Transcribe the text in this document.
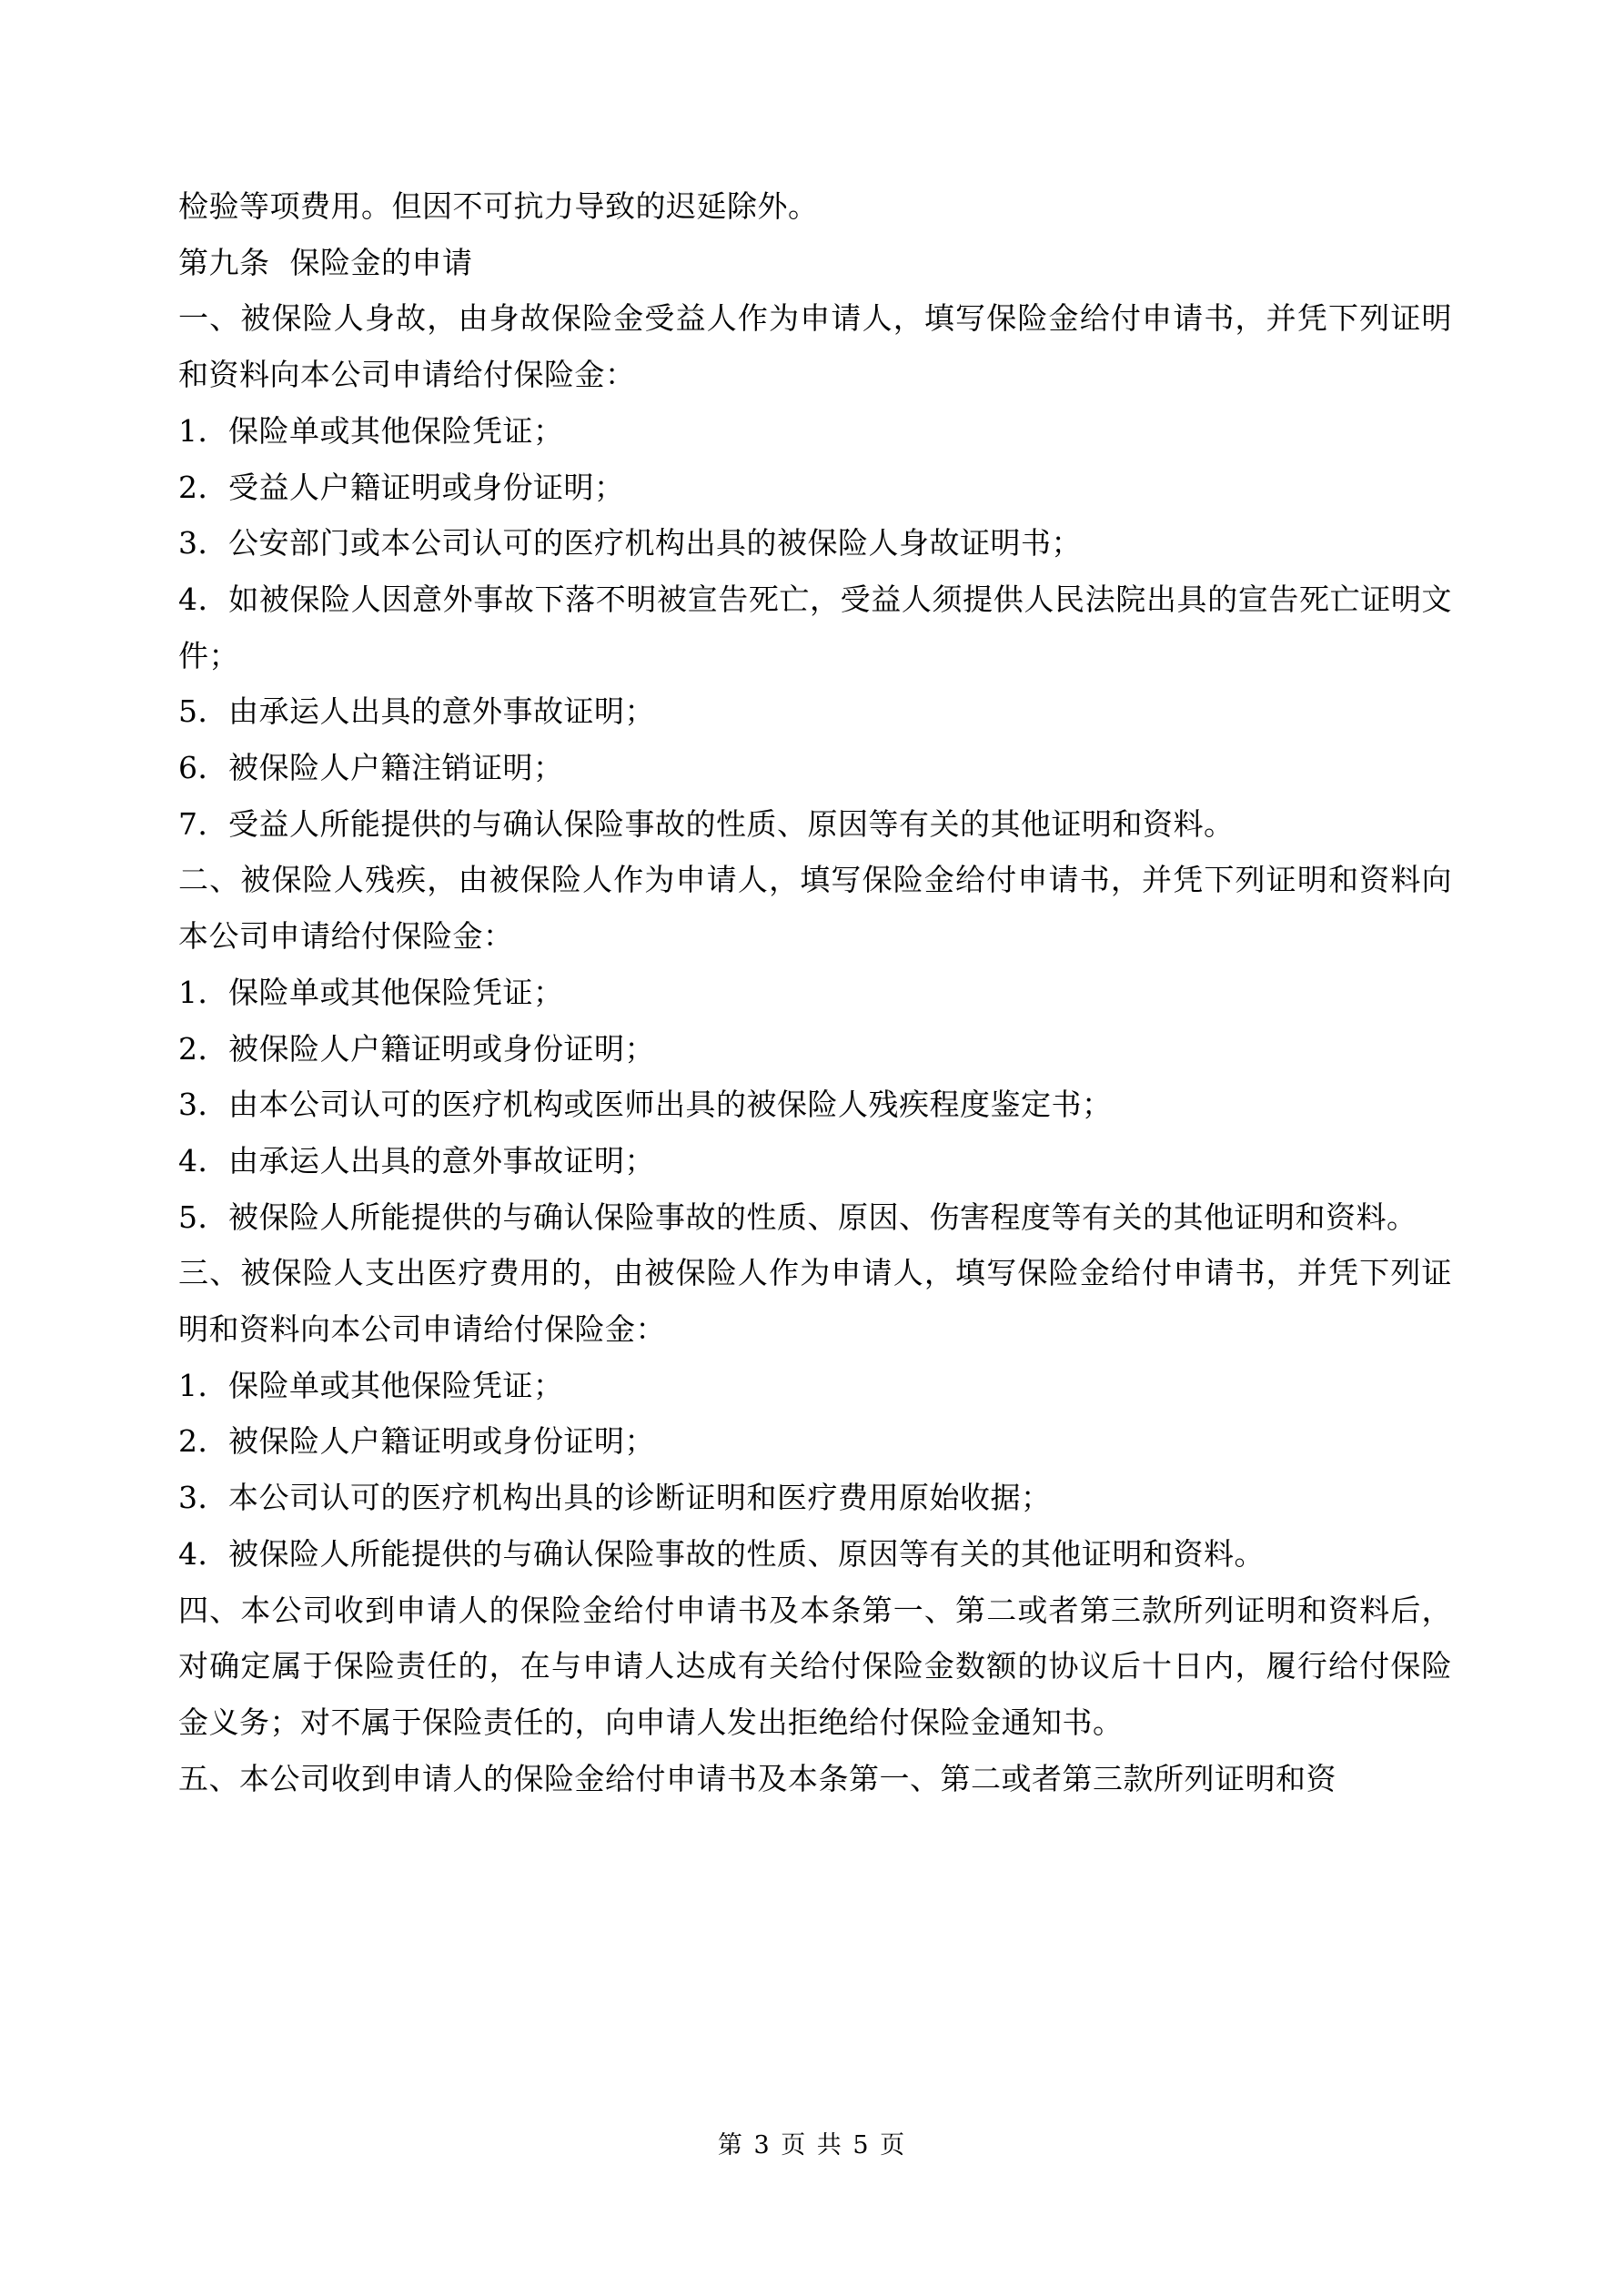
检验等项费用。但因不可抗力导致的迟延除外。

第九条  保险金的申请

一、被保险人身故，由身故保险金受益人作为申请人，填写保险金给付申请书，并凭下列证明和资料向本公司申请给付保险金：

1．保险单或其他保险凭证；

2．受益人户籍证明或身份证明；

3．公安部门或本公司认可的医疗机构出具的被保险人身故证明书；

4．如被保险人因意外事故下落不明被宣告死亡，受益人须提供人民法院出具的宣告死亡证明文件；

5．由承运人出具的意外事故证明；

6．被保险人户籍注销证明；

7．受益人所能提供的与确认保险事故的性质、原因等有关的其他证明和资料。

二、被保险人残疾，由被保险人作为申请人，填写保险金给付申请书，并凭下列证明和资料向本公司申请给付保险金：

1．保险单或其他保险凭证；

2．被保险人户籍证明或身份证明；

3．由本公司认可的医疗机构或医师出具的被保险人残疾程度鉴定书；

4．由承运人出具的意外事故证明；

5．被保险人所能提供的与确认保险事故的性质、原因、伤害程度等有关的其他证明和资料。

三、被保险人支出医疗费用的，由被保险人作为申请人，填写保险金给付申请书，并凭下列证明和资料向本公司申请给付保险金：

1．保险单或其他保险凭证；

2．被保险人户籍证明或身份证明；

3．本公司认可的医疗机构出具的诊断证明和医疗费用原始收据；

4．被保险人所能提供的与确认保险事故的性质、原因等有关的其他证明和资料。

四、本公司收到申请人的保险金给付申请书及本条第一、第二或者第三款所列证明和资料后，对确定属于保险责任的，在与申请人达成有关给付保险金数额的协议后十日内，履行给付保险金义务；对不属于保险责任的，向申请人发出拒绝给付保险金通知书。

五、本公司收到申请人的保险金给付申请书及本条第一、第二或者第三款所列证明和资

第 3 页 共 5 页
